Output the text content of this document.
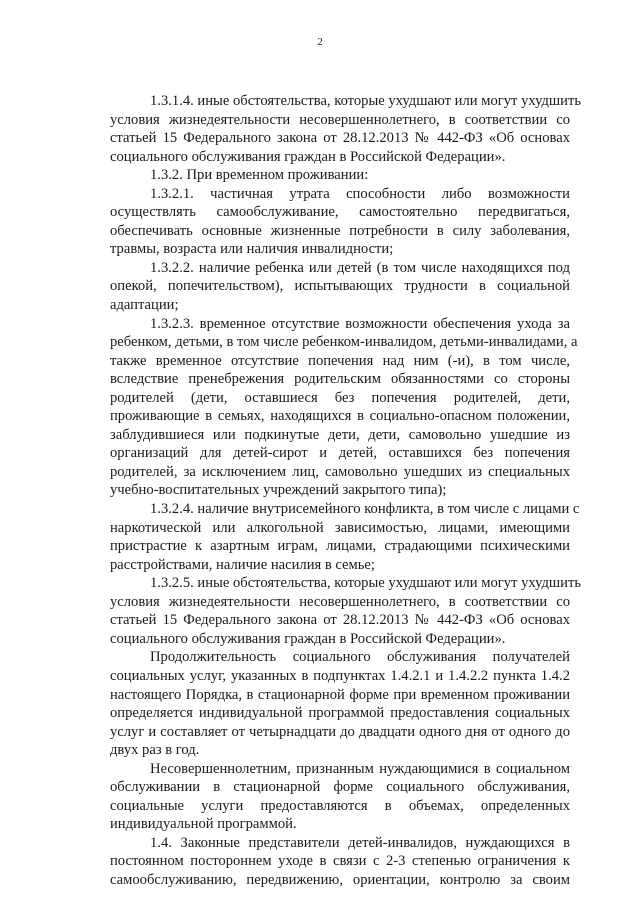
2
1.3.1.4. иные обстоятельства, которые ухудшают или могут ухудшить
условия жизнедеятельности несовершеннолетнего, в соответствии со
статьей 15 Федерального закона от 28.12.2013 № 442-ФЗ «Об основах
социального обслуживания граждан в Российской Федерации».
1.3.2. При временном проживании:
1.3.2.1. частичная утрата способности либо возможности
осуществлять самообслуживание, самостоятельно передвигаться,
обеспечивать основные жизненные потребности в силу заболевания,
травмы, возраста или наличия инвалидности;
1.3.2.2. наличие ребенка или детей (в том числе находящихся под
опекой, попечительством), испытывающих трудности в социальной
адаптации;
1.3.2.3. временное отсутствие возможности обеспечения ухода за
ребенком, детьми, в том числе ребенком-инвалидом, детьми-инвалидами, а
также временное отсутствие попечения над ним (-и), в том числе,
вследствие пренебрежения родительским обязанностями со стороны
родителей (дети, оставшиеся без попечения родителей, дети,
проживающие в семьях, находящихся в социально-опасном положении,
заблудившиеся или подкинутые дети, дети, самовольно ушедшие из
организаций для детей-сирот и детей, оставшихся без попечения
родителей, за исключением лиц, самовольно ушедших из специальных
учебно-воспитательных учреждений закрытого типа);
1.3.2.4. наличие внутрисемейного конфликта, в том числе с лицами с
наркотической или алкогольной зависимостью, лицами, имеющими
пристрастие к азартным играм, лицами, страдающими психическими
расстройствами, наличие насилия в семье;
1.3.2.5. иные обстоятельства, которые ухудшают или могут ухудшить
условия жизнедеятельности несовершеннолетнего, в соответствии со
статьей 15 Федерального закона от 28.12.2013 № 442-ФЗ «Об основах
социального обслуживания граждан в Российской Федерации».
Продолжительность социального обслуживания получателей
социальных услуг, указанных в подпунктах 1.4.2.1 и 1.4.2.2 пункта 1.4.2
настоящего Порядка, в стационарной форме при временном проживании
определяется индивидуальной программой предоставления социальных
услуг и составляет от четырнадцати до двадцати одного дня от одного до
двух раз в год.
Несовершеннолетним, признанным нуждающимися в социальном
обслуживании в стационарной форме социального обслуживания,
социальные услуги предоставляются в объемах, определенных
индивидуальной программой.
1.4. Законные представители детей-инвалидов, нуждающихся в
постоянном постороннем уходе в связи с 2-3 степенью ограничения к
самообслуживанию, передвижению, ориентации, контролю за своим
